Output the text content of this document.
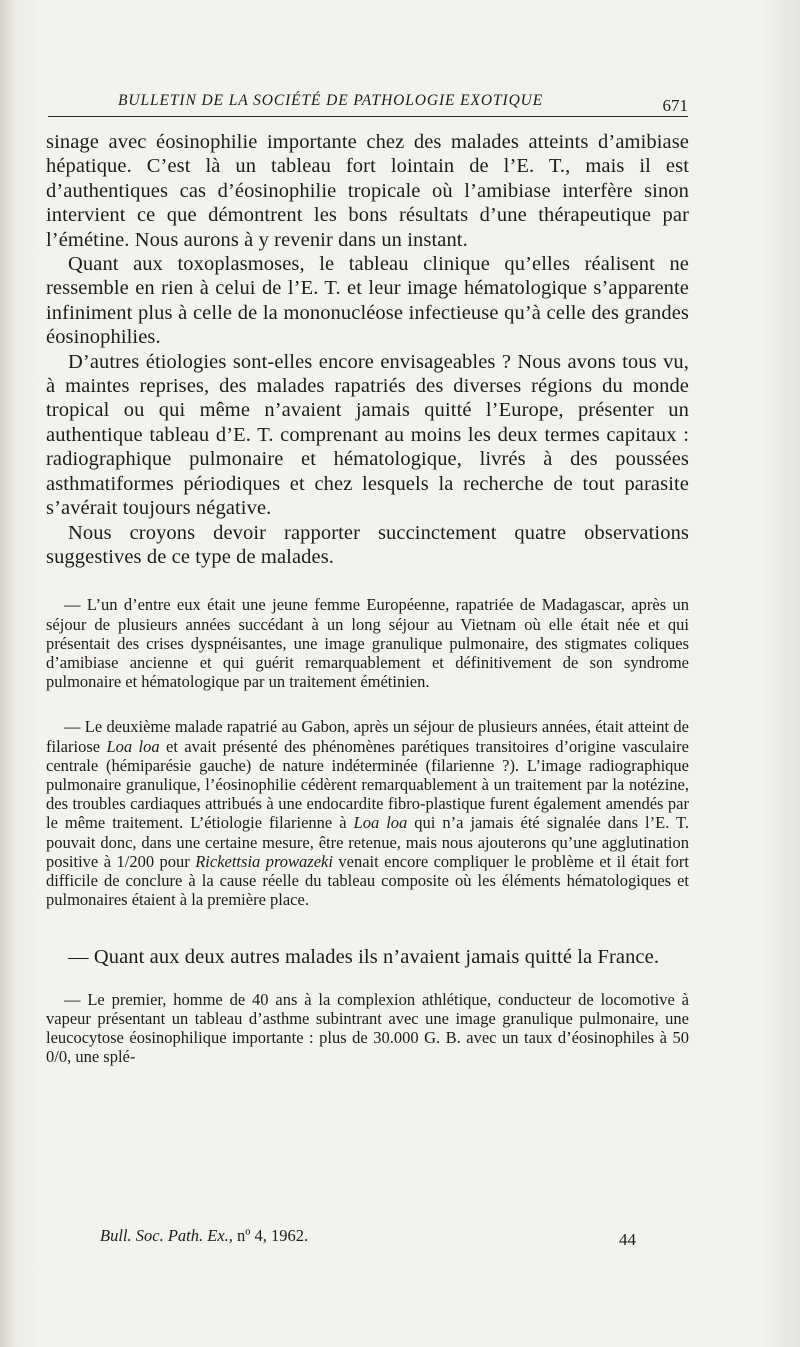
BULLETIN DE LA SOCIÉTÉ DE PATHOLOGIE EXOTIQUE	671

sinage avec éosinophilie importante chez des malades atteints d’amibiase hépatique. C’est là un tableau fort lointain de l’E. T., mais il est d’authentiques cas d’éosinophilie tropicale où l’amibiase interfère sinon intervient ce que démontrent les bons résultats d’une thérapeutique par l’émétine. Nous aurons à y revenir dans un instant.

Quant aux toxoplasmoses, le tableau clinique qu’elles réalisent ne ressemble en rien à celui de l’E. T. et leur image hématologique s’apparente infiniment plus à celle de la mononucléose infectieuse qu’à celle des grandes éosinophilies.

D’autres étiologies sont-elles encore envisageables ? Nous avons tous vu, à maintes reprises, des malades rapatriés des diverses régions du monde tropical ou qui même n’avaient jamais quitté l’Europe, présenter un authentique tableau d’E. T. comprenant au moins les deux termes capitaux : radiographique pulmonaire et hématologique, livrés à des poussées asthmatiformes périodiques et chez lesquels la recherche de tout parasite s’avérait toujours négative.

Nous croyons devoir rapporter succinctement quatre observations suggestives de ce type de malades.

— L’un d’entre eux était une jeune femme Européenne, rapatriée de Madagascar, après un séjour de plusieurs années succédant à un long séjour au Vietnam où elle était née et qui présentait des crises dyspnéisantes, une image granulique pulmonaire, des stigmates coliques d’amibiase ancienne et qui guérit remarquablement et définitivement de son syndrome pulmonaire et hématologique par un traitement émétinien.

— Le deuxième malade rapatrié au Gabon, après un séjour de plusieurs années, était atteint de filariose Loa loa et avait présenté des phénomènes parétiques transitoires d’origine vasculaire centrale (hémiparésie gauche) de nature indéterminée (filarienne ?). L’image radiographique pulmonaire granulique, l’éosinophilie cédèrent remarquablement à un traitement par la notézine, des troubles cardiaques attribués à une endocardite fibro-plastique furent également amendés par le même traitement. L’étiologie filarienne à Loa loa qui n’a jamais été signalée dans l’E. T. pouvait donc, dans une certaine mesure, être retenue, mais nous ajouterons qu’une agglutination positive à 1/200 pour Rickettsia prowazeki venait encore compliquer le problème et il était fort difficile de conclure à la cause réelle du tableau composite où les éléments hématologiques et pulmonaires étaient à la première place.

— Quant aux deux autres malades ils n’avaient jamais quitté la France.

— Le premier, homme de 40 ans à la complexion athlétique, conducteur de locomotive à vapeur présentant un tableau d’asthme subintrant avec une image granulique pulmonaire, une leucocytose éosinophilique importante : plus de 30.000 G. B. avec un taux d’éosinophiles à 50 0/0, une splé-

Bull. Soc. Path. Ex., nº 4, 1962.	44
